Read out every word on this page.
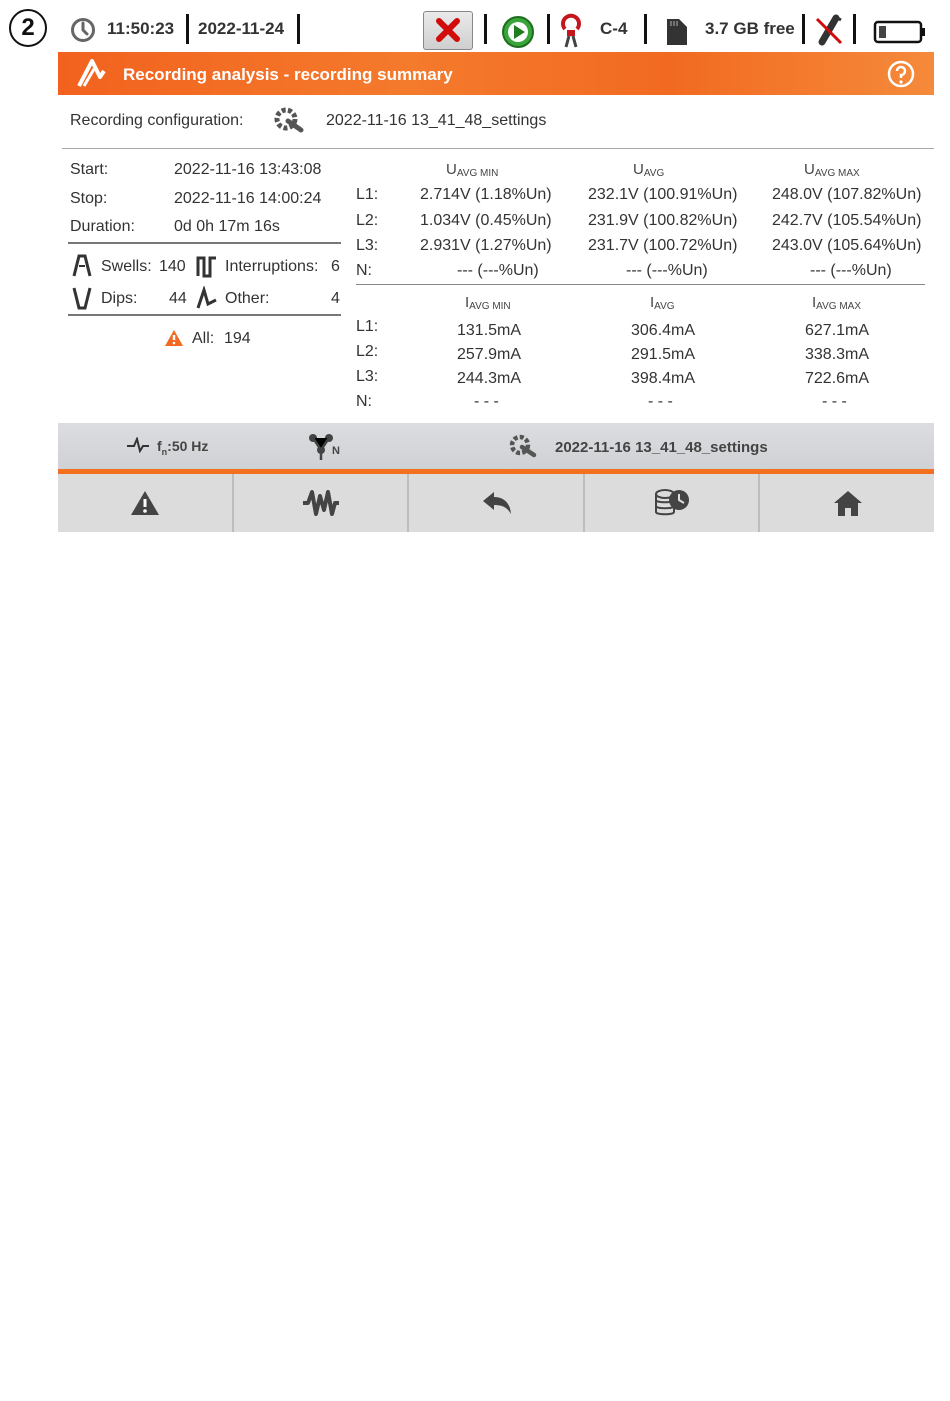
2	11:50:23 2022-11-24	C-4	3.7 GB free
Recording analysis - recording summary
Recording configuration:	2022-11-16 13_41_48_settings
Start:	2022-11-16 13:43:08
Stop:	2022-11-16 14:00:24
Duration: 0d 0h 17m 16s
Swells: 140 Interruptions: 6
Dips: 44 Other:	4
All: 194
$U_{AVG MIN}$	$U_{AVG}$	$U_{AVG MAX}$
L1:	2.714V (1.18%Un) 232.1V (100.91%Un) 248.0V (107.82%Un)
L2:	1.034V (0.45%Un) 231.9V (100.82%Un) 242.7V (105.54%Un)
L3:	2.931V (1.27%Un) 231.7V (100.72%Un) 243.0V (105.64%Un)
N:	--- (---%Un)	--- (---%Un)	--- (---%Un)
$I_{AVG MIN}$	$I_{AVG}$	$I_{AVG MAX}$
L1:	131.5mA	306.4mA	627.1mA
L2:	257.9mA	291.5mA	338.3mA
L3:	244.3mA	398.4mA	722.6mA
N:	- - -	- - -	- - -
$f_n:50$ Hz	N	2022-11-16 13_41_48_settings
